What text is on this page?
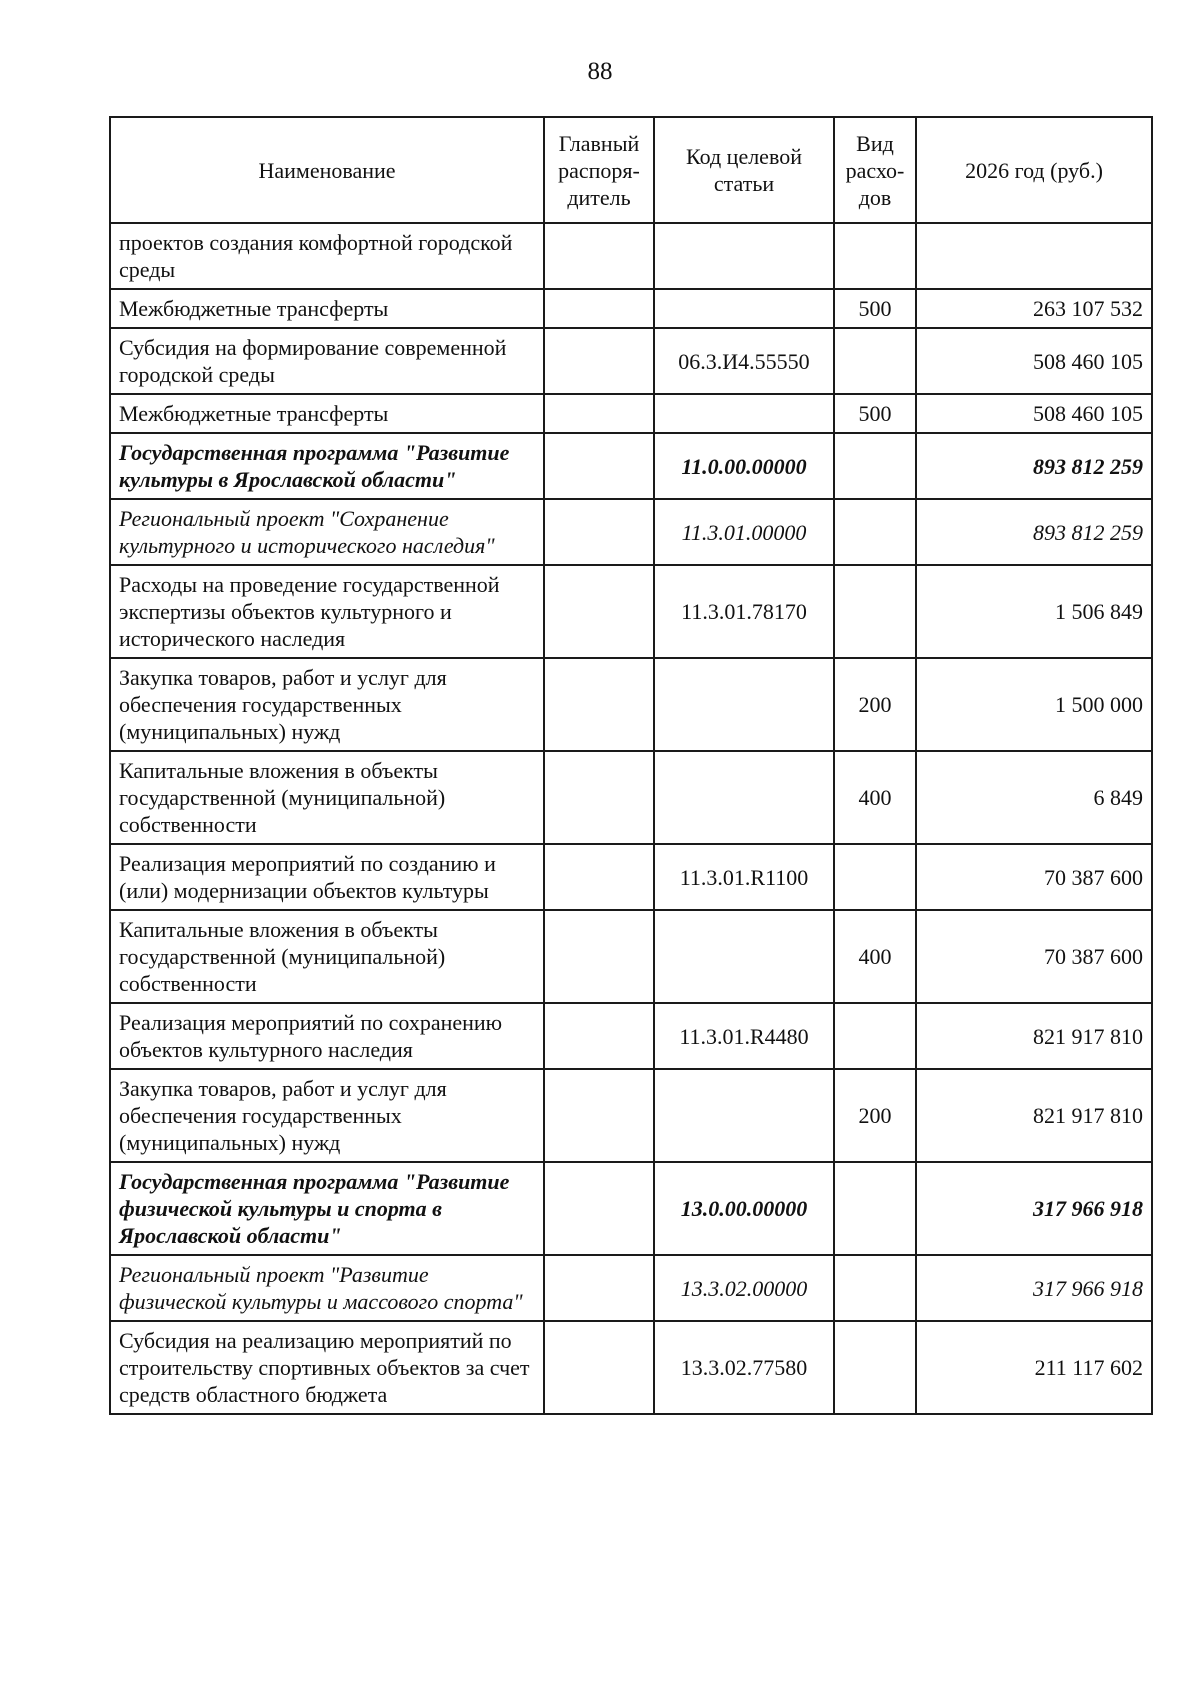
88
Наименование	Главный распоря-дитель	Код целевой статьи	Вид расхо-дов	2026 год (руб.)
проектов создания комфортной городской среды				
Межбюджетные трансферты			500	263 107 532
Субсидия на формирование современной городской среды		06.3.И4.55550		508 460 105
Межбюджетные трансферты			500	508 460 105
Государственная программа "Развитие культуры в Ярославской области"		11.0.00.00000		893 812 259
Региональный проект "Сохранение культурного и исторического наследия"		11.3.01.00000		893 812 259
Расходы на проведение государственной экспертизы объектов культурного и исторического наследия		11.3.01.78170		1 506 849
Закупка товаров, работ и услуг для обеспечения государственных (муниципальных) нужд			200	1 500 000
Капитальные вложения в объекты государственной (муниципальной) собственности			400	6 849
Реализация мероприятий по созданию и (или) модернизации объектов культуры		11.3.01.R1100		70 387 600
Капитальные вложения в объекты государственной (муниципальной) собственности			400	70 387 600
Реализация мероприятий по сохранению объектов культурного наследия		11.3.01.R4480		821 917 810
Закупка товаров, работ и услуг для обеспечения государственных (муниципальных) нужд			200	821 917 810
Государственная программа "Развитие физической культуры и спорта в Ярославской области"		13.0.00.00000		317 966 918
Региональный проект "Развитие физической культуры и массового спорта"		13.3.02.00000		317 966 918
Субсидия на реализацию мероприятий по строительству спортивных объектов за счет средств областного бюджета		13.3.02.77580		211 117 602
